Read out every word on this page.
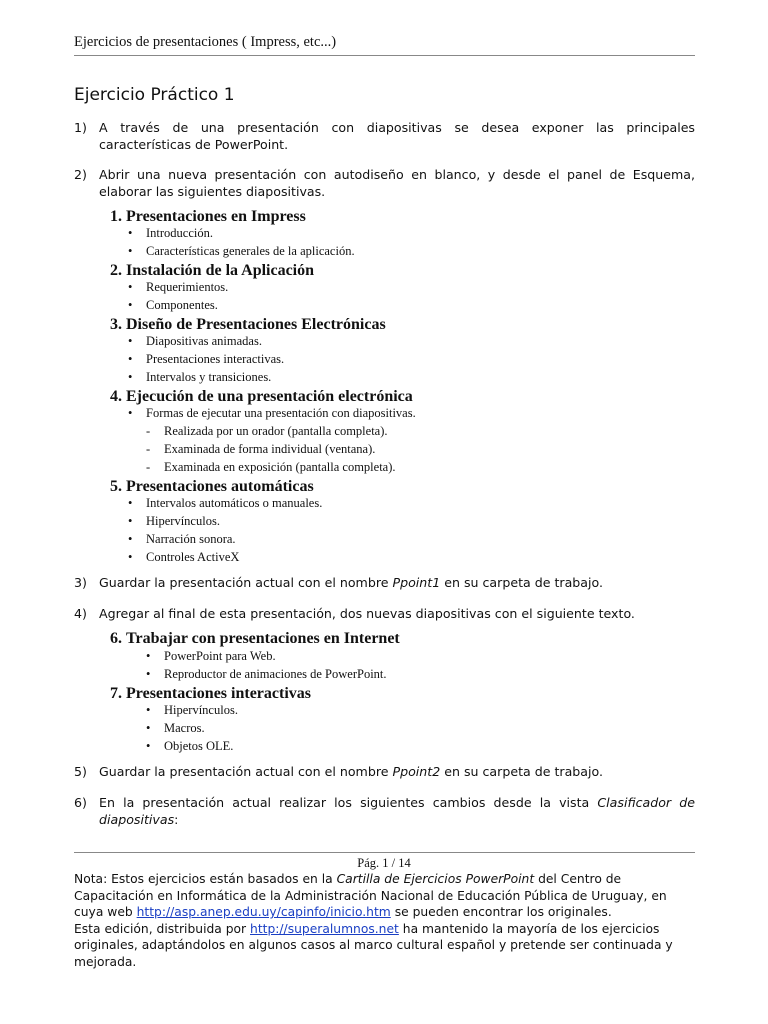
Ejercicios de presentaciones ( Impress, etc...)
Ejercicio Práctico 1
1) A través de una presentación con diapositivas se desea exponer las principales características de PowerPoint.
2) Abrir una nueva presentación con autodiseño en blanco, y desde el panel de Esquema, elaborar las siguientes diapositivas.
1. Presentaciones en Impress
• Introducción.
• Características generales de la aplicación.
2. Instalación de la Aplicación
• Requerimientos.
• Componentes.
3. Diseño de Presentaciones Electrónicas
• Diapositivas animadas.
• Presentaciones interactivas.
• Intervalos y transiciones.
4. Ejecución de una presentación electrónica
• Formas de ejecutar una presentación con diapositivas.
- Realizada por un orador (pantalla completa).
- Examinada de forma individual (ventana).
- Examinada en exposición (pantalla completa).
5. Presentaciones automáticas
• Intervalos automáticos o manuales.
• Hipervínculos.
• Narración sonora.
• Controles ActiveX
3) Guardar la presentación actual con el nombre Ppoint1 en su carpeta de trabajo.
4) Agregar al final de esta presentación, dos nuevas diapositivas con el siguiente texto.
6. Trabajar con presentaciones en Internet
• PowerPoint para Web.
• Reproductor de animaciones de PowerPoint.
7. Presentaciones interactivas
• Hipervínculos.
• Macros.
• Objetos OLE.
5) Guardar la presentación actual con el nombre Ppoint2 en su carpeta de trabajo.
6) En la presentación actual realizar los siguientes cambios desde la vista Clasificador de diapositivas:
Pág. 1 / 14
Nota: Estos ejercicios están basados en la Cartilla de Ejercicios PowerPoint del Centro de Capacitación en Informática de la Administración Nacional de Educación Pública de Uruguay, en cuya web http://asp.anep.edu.uy/capinfo/inicio.htm se pueden encontrar los originales.
Esta edición, distribuida por http://superalumnos.net ha mantenido la mayoría de los ejercicios originales, adaptándolos en algunos casos al marco cultural español y pretende ser continuada y mejorada.
